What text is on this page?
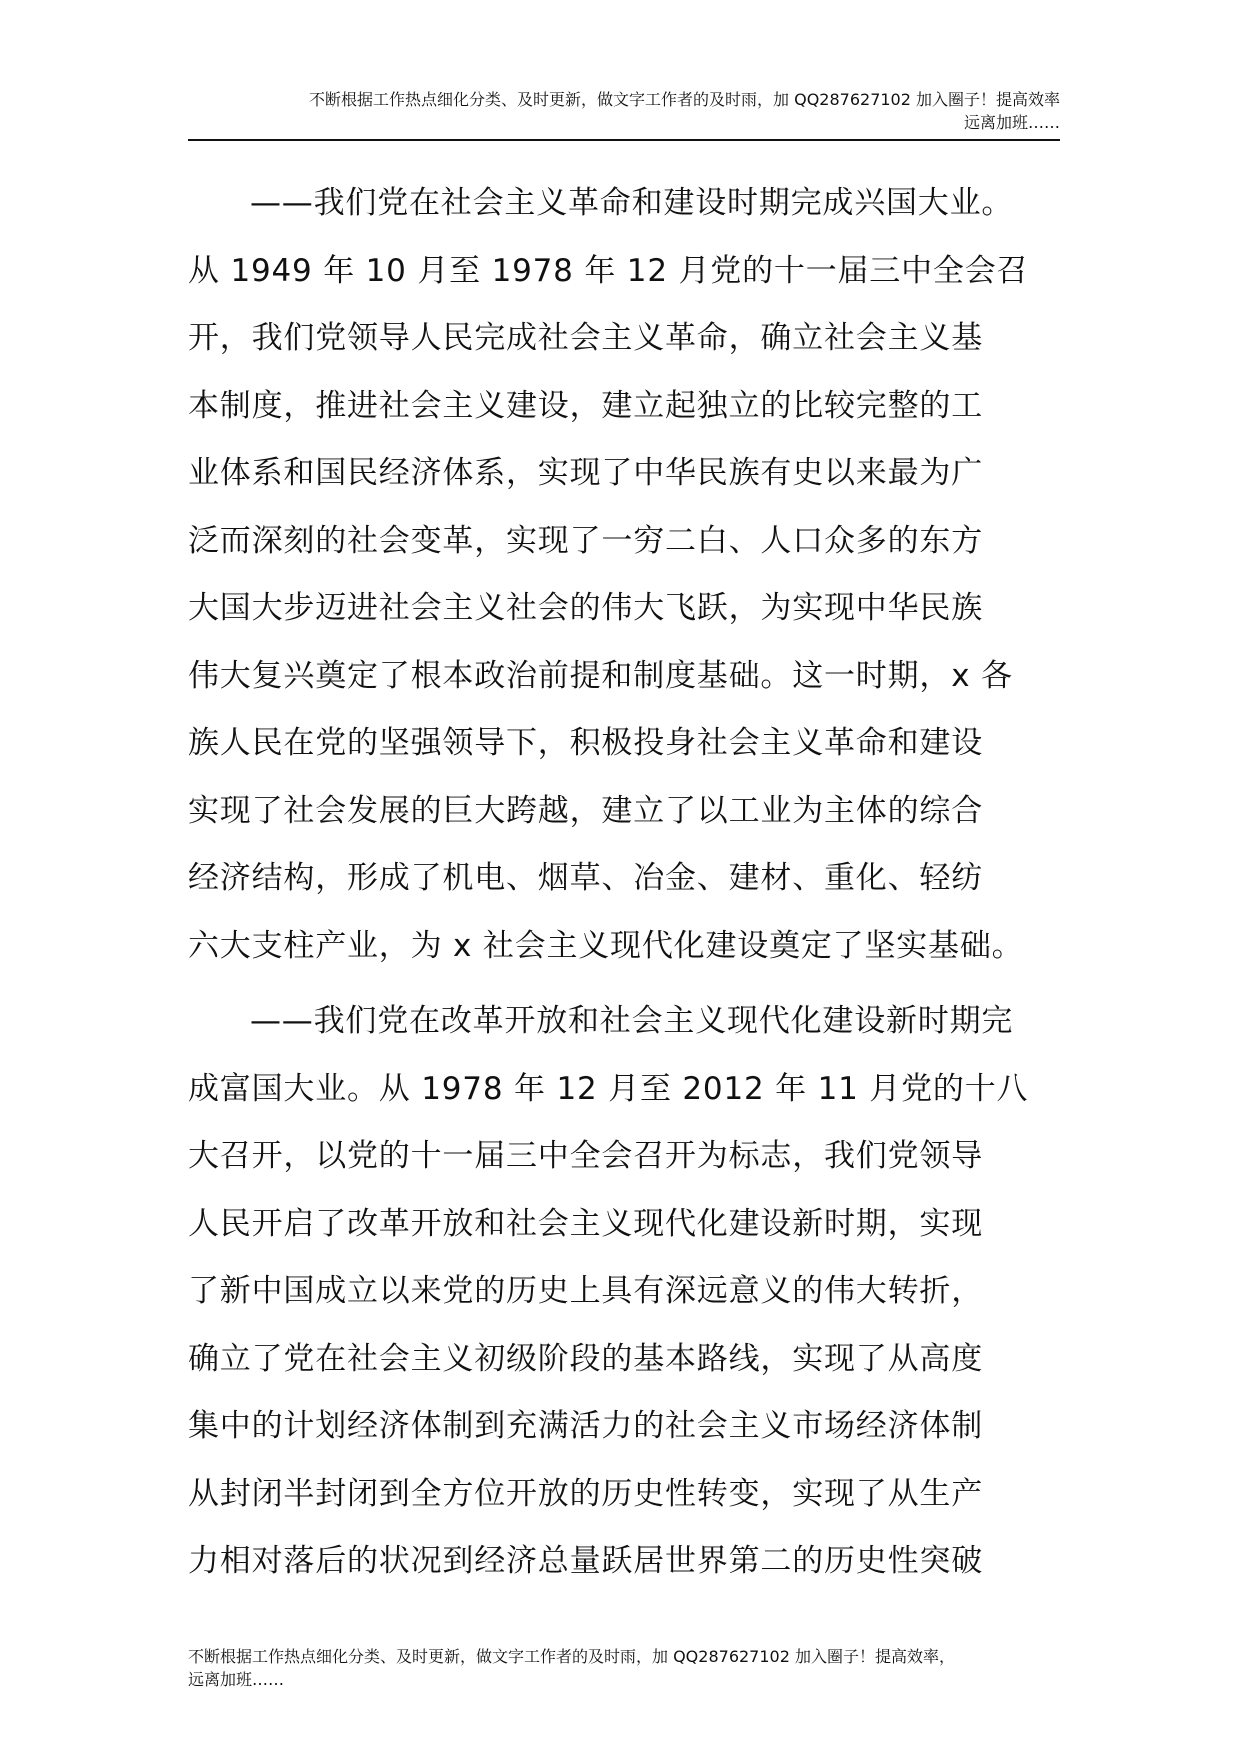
不断根据工作热点细化分类、及时更新，做文字工作者的及时雨，加 QQ287627102 加入圈子！提高效率
远离加班……

——我们党在社会主义革命和建设时期完成兴国大业。
从 1949 年 10 月至 1978 年 12 月党的十一届三中全会召
开，我们党领导人民完成社会主义革命，确立社会主义基
本制度，推进社会主义建设，建立起独立的比较完整的工
业体系和国民经济体系，实现了中华民族有史以来最为广
泛而深刻的社会变革，实现了一穷二白、人口众多的东方
大国大步迈进社会主义社会的伟大飞跃，为实现中华民族
伟大复兴奠定了根本政治前提和制度基础。这一时期，x 各
族人民在党的坚强领导下，积极投身社会主义革命和建设
实现了社会发展的巨大跨越，建立了以工业为主体的综合
经济结构，形成了机电、烟草、冶金、建材、重化、轻纺
六大支柱产业，为 x 社会主义现代化建设奠定了坚实基础。

——我们党在改革开放和社会主义现代化建设新时期完
成富国大业。从 1978 年 12 月至 2012 年 11 月党的十八
大召开，以党的十一届三中全会召开为标志，我们党领导
人民开启了改革开放和社会主义现代化建设新时期，实现
了新中国成立以来党的历史上具有深远意义的伟大转折，
确立了党在社会主义初级阶段的基本路线，实现了从高度
集中的计划经济体制到充满活力的社会主义市场经济体制
从封闭半封闭到全方位开放的历史性转变，实现了从生产
力相对落后的状况到经济总量跃居世界第二的历史性突破

不断根据工作热点细化分类、及时更新，做文字工作者的及时雨，加 QQ287627102 加入圈子！提高效率，
远离加班……
